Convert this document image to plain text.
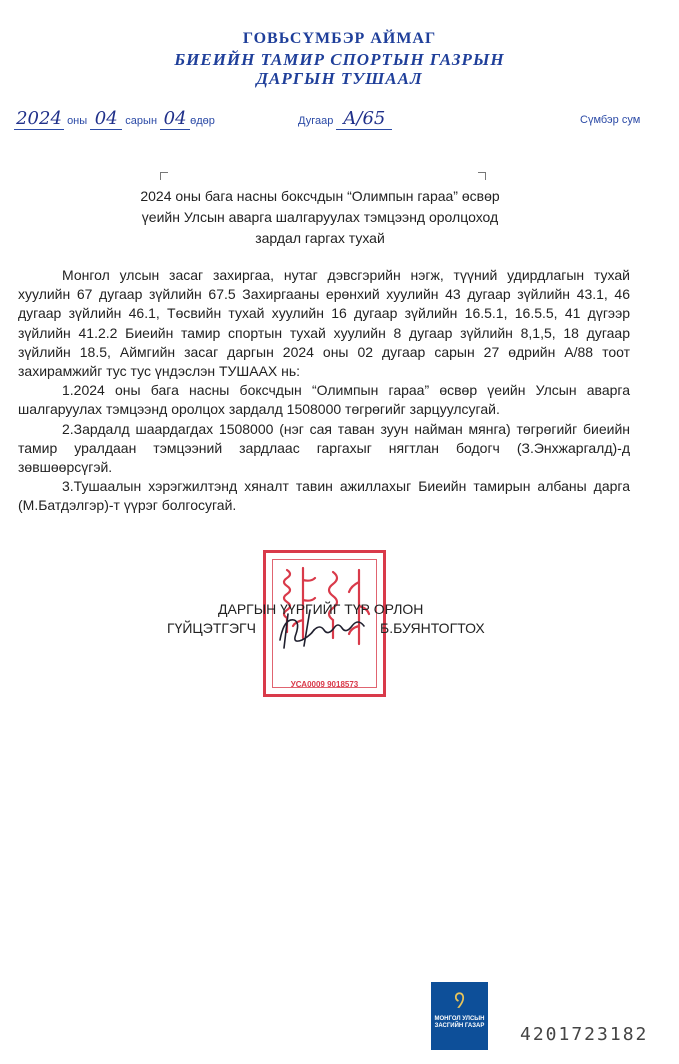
ГОВЬСҮМБЭР АЙМАГ
БИЕИЙН ТАМИР СПОРТЫН ГАЗРЫН
ДАРГЫН ТУШААЛ
2024 оны 04 сарын 04 өдөр	Дугаар A/65	Сүмбэр сум
2024 оны бага насны боксчдын “Олимпын гараа” өсвөр
үеийн Улсын аварга шалгаруулах тэмцээнд оролцоход
зардал гаргах тухай

Монгол улсын засаг захиргаа, нутаг дэвсгэрийн нэгж, түүний удирдлагын тухай хуулийн 67 дугаар зүйлийн 67.5 Захиргааны ерөнхий хуулийн 43 дугаар зүйлийн 43.1, 46 дугаар зүйлийн 46.1, Төсвийн тухай хуулийн 16 дугаар зүйлийн 16.5.1, 16.5.5, 41 дүгээр зүйлийн 41.2.2 Биеийн тамир спортын тухай хуулийн 8 дугаар зүйлийн 8,1,5, 18 дугаар зүйлийн 18.5, Аймгийн засаг даргын 2024 оны 02 дугаар сарын 27 өдрийн А/88 тоот захирамжийг тус тус үндэслэн ТУШААХ нь:

1.2024 оны бага насны боксчдын “Олимпын гараа” өсвөр үеийн Улсын аварга шалгаруулах тэмцээнд оролцох зардалд 1508000 төгрөгийг зарцуулсугай.

2.Зардалд шаардагдах 1508000 (нэг сая таван зуун найман мянга) төгрөгийг биеийн тамир уралдаан тэмцээний зардлаас гаргахыг нягтлан бодогч (З.Энхжаргалд)-д зөвшөөрсүгэй.

3.Тушаалын хэрэгжилтэнд хяналт тавин ажиллахыг Биеийн тамирын албаны дарга (М.Батдэлгэр)-т үүрэг болгосугай.

УСА0009 9018573
ДАРГЫН ҮҮРГИЙГ ТҮР ОРЛОН
ГҮЙЦЭТГЭГЧ	Б.БУЯНТОГТОХ
᠀
МОНГОЛ УЛСЫН ЗАСГИЙН ГАЗАР 4201723182
